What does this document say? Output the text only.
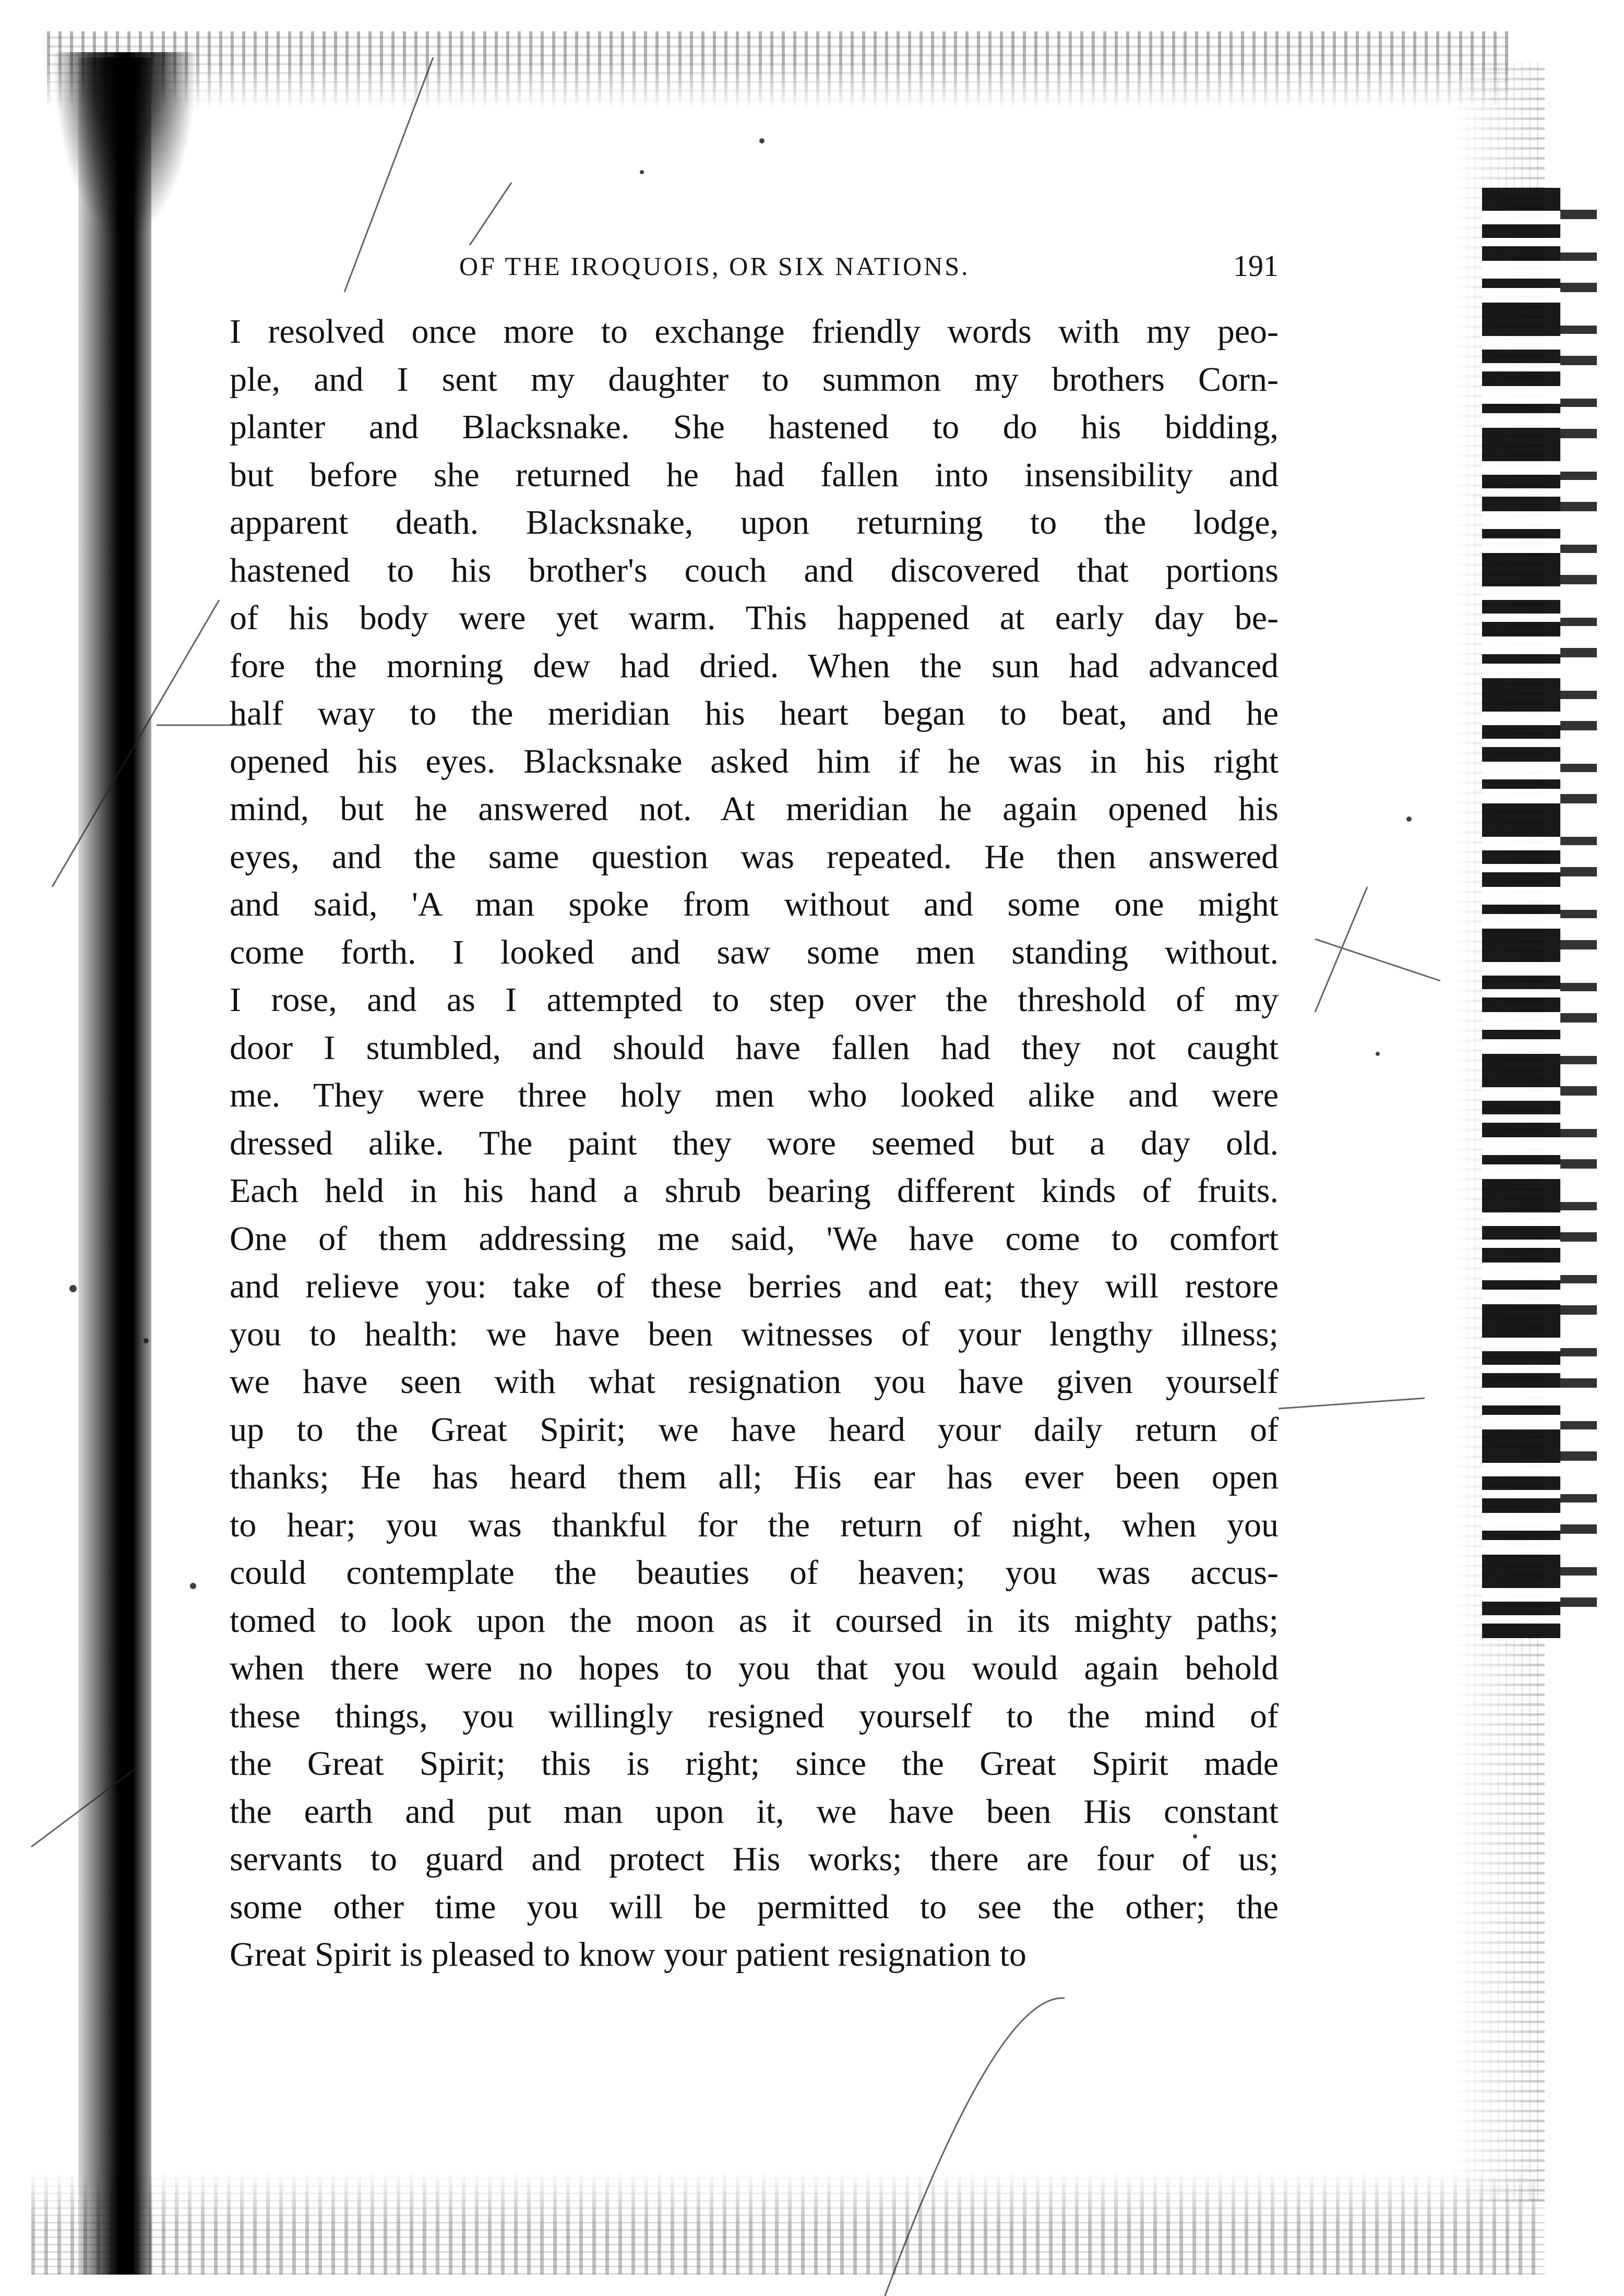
OF THE IROQUOIS, OR SIX NATIONS.	191
I resolved once more to exchange friendly words with my peo-
ple, and I sent my daughter to summon my brothers Corn-
planter and Blacksnake. She hastened to do his bidding,
but before she returned he had fallen into insensibility and
apparent death. Blacksnake, upon returning to the lodge,
hastened to his brother's couch and discovered that portions
of his body were yet warm. This happened at early day be-
fore the morning dew had dried. When the sun had advanced
half way to the meridian his heart began to beat, and he
opened his eyes. Blacksnake asked him if he was in his right
mind, but he answered not. At meridian he again opened his
eyes, and the same question was repeated. He then answered
and said, 'A man spoke from without and some one might
come forth. I looked and saw some men standing without.
I rose, and as I attempted to step over the threshold of my
door I stumbled, and should have fallen had they not caught
me. They were three holy men who looked alike and were
dressed alike. The paint they wore seemed but a day old.
Each held in his hand a shrub bearing different kinds of fruits.
One of them addressing me said, 'We have come to comfort
and relieve you: take of these berries and eat; they will restore
you to health: we have been witnesses of your lengthy illness;
we have seen with what resignation you have given yourself
up to the Great Spirit; we have heard your daily return of
thanks; He has heard them all; His ear has ever been open
to hear; you was thankful for the return of night, when you
could contemplate the beauties of heaven; you was accus-
tomed to look upon the moon as it coursed in its mighty paths;
when there were no hopes to you that you would again behold
these things, you willingly resigned yourself to the mind of
the Great Spirit; this is right; since the Great Spirit made
the earth and put man upon it, we have been His constant
servants to guard and protect His works; there are four of us;
some other time you will be permitted to see the other; the
Great Spirit is pleased to know your patient resignation to
